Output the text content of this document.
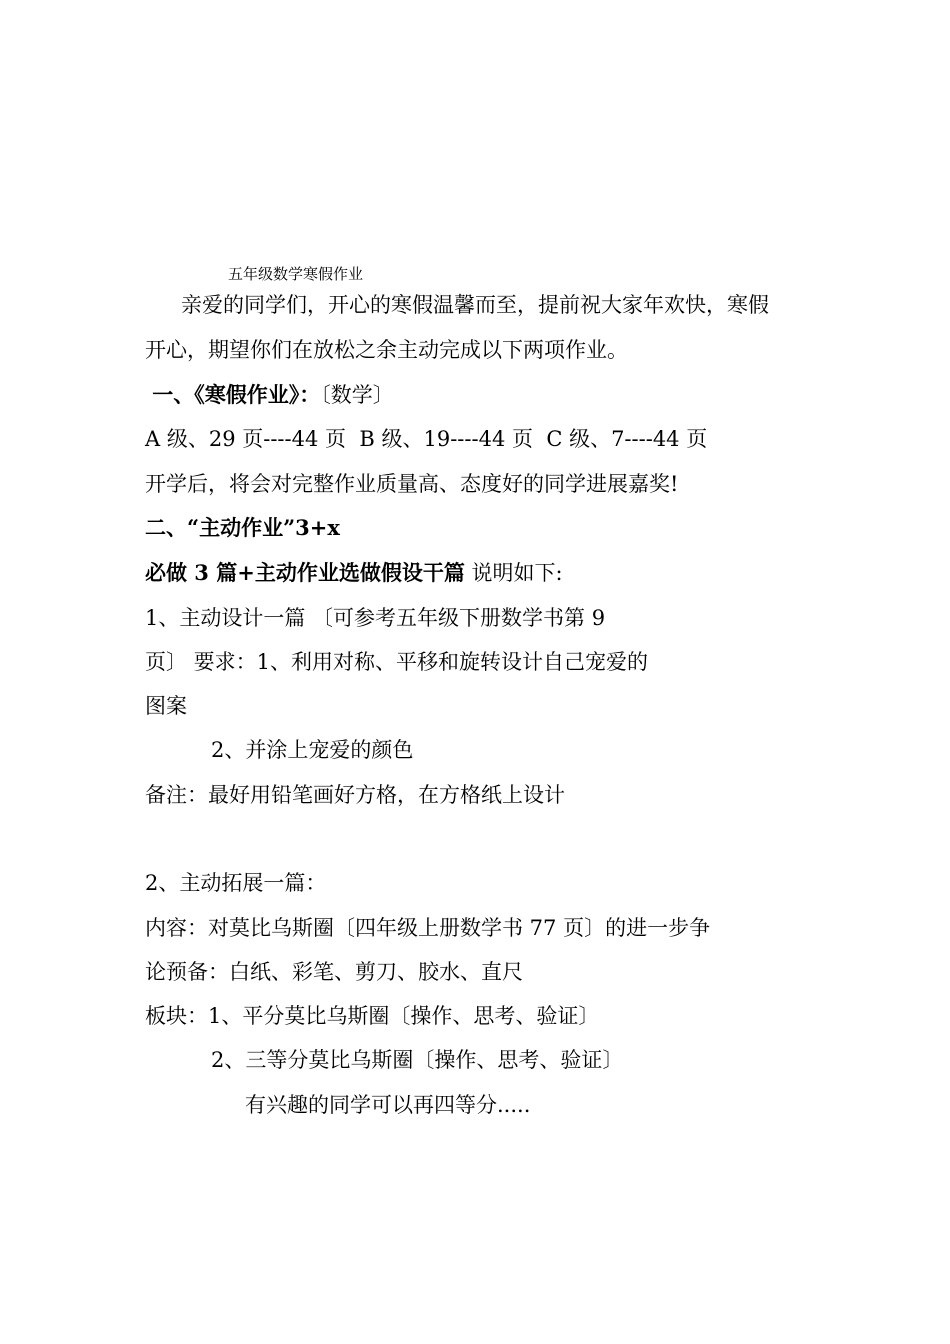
五年级数学寒假作业
亲爱的同学们，开心的寒假温馨而至，提前祝大家年欢快，寒假
开心，期望你们在放松之余主动完成以下两项作业。
一、《寒假作业》：〔数学〕
A 级、29 页----44 页  B 级、19----44 页  C 级、7----44 页
开学后，将会对完整作业质量高、态度好的同学进展嘉奖!
二、“主动作业”3+x
必做 3 篇+主动作业选做假设干篇 说明如下:
1、主动设计一篇 〔可参考五年级下册数学书第 9
页〕 要求：1、利用对称、平移和旋转设计自己宠爱的
图案
2、并涂上宠爱的颜色
备注：最好用铅笔画好方格，在方格纸上设计
2、主动拓展一篇：
内容：对莫比乌斯圈〔四年级上册数学书 77 页〕的进一步争
论预备：白纸、彩笔、剪刀、胶水、直尺
板块：1、平分莫比乌斯圈〔操作、思考、验证〕
2、三等分莫比乌斯圈〔操作、思考、验证〕
有兴趣的同学可以再四等分.....
